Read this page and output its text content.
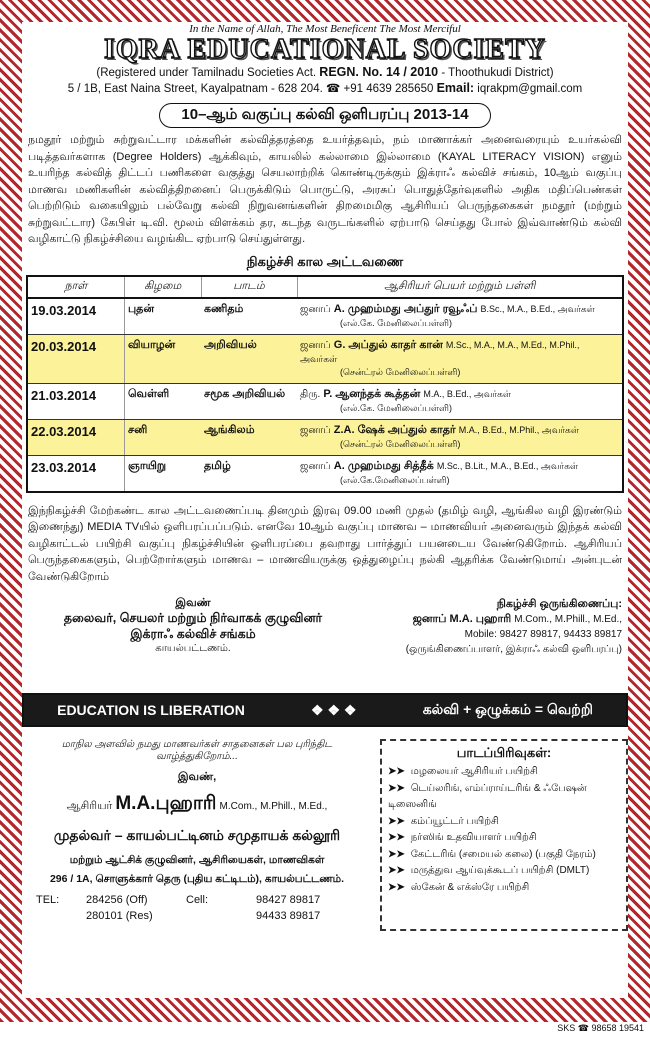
In the Name of Allah, The Most Beneficent The Most Merciful
IQRA EDUCATIONAL SOCIETY
(Registered under Tamilnadu Societies Act. REGN. No. 14 / 2010 - Thoothukudi District)
5 / 1B, East Naina Street, Kayalpatnam - 628 204. ☎ +91 4639 285650 Email: iqrakpm@gmail.com
10–ஆம் வகுப்பு கல்வி ஒளிபரப்பு 2013-14
நமதூர் மற்றும் சுற்றுவட்டார மக்களின் கல்வித்தரத்தை உயர்த்தவும், நம் மாணாக்கர் அனைவரையும் உயர்கல்வி படித்தவர்களாக (Degree Holders) ஆக்கிவும், காயலில் கல்லாமை இல்லாமை (KAYAL LITERACY VISION) எனும் உயரிந்த கல்வித் திட்டப் பணிகளை வகுத்து செயலாற்றிக் கொண்டிருக்கும் இக்ராஃ கல்விச் சங்கம், 10ஆம் வகுப்பு மாணவ மணிகளின் கல்வித்திறனைப் பெருக்கிடும் பொருட்டு, அரசுப் பொதுத்தேர்வுகளில் அதிக மதிப்பெண்கள் பெற்றிடும் வகையிலும் பல்வேறு கல்வி நிறுவனங்களின் திறமைமிகு ஆசிரியப் பெருந்தகைகள் நமதூர் (மற்றும் சுற்றுவட்டார) கேபிள் டி.வி. மூலம் விளக்கம் தர, கடந்த வருடங்களில் ஏற்பாடு செய்தது போல் இவ்வாண்டும் கல்வி வழிகாட்டு நிகழ்ச்சியை வழங்கிட ஏற்பாடு செய்துள்ளது.
நிகழ்ச்சி கால அட்டவணை
நாள்	கிழமை	பாடம்	ஆசிரியர் பெயர் மற்றும் பள்ளி
19.03.2014	புதன்	கணிதம்	ஜனாப் A. முஹம்மது அப்துர் ரவூஃப் B.Sc., M.A., B.Ed., அவர்கள்
(எல்.கே. மேனிலைப்பள்ளி)
20.03.2014	வியாழன்	அறிவியல்	ஜனாப் G. அப்துல் காதர் கான் M.Sc., M.A., M.A., M.Ed., M.Phil., அவர்கள்
(சென்ட்ரல் மேனிலைப்பள்ளி)
21.03.2014	வெள்ளி	சமூக அறிவியல்	திரு. P. ஆனந்தக் கூத்தன் M.A., B.Ed., அவர்கள்
(எல்.கே. மேனிலைப்பள்ளி)
22.03.2014	சனி	ஆங்கிலம்	ஜனாப் Z.A. ஷேக் அப்துல் காதர் M.A., B.Ed., M.Phil., அவர்கள்
(சென்ட்ரல் மேனிலைப்பள்ளி)
23.03.2014	ஞாயிறு	தமிழ்	ஜனாப் A. முஹம்மது சித்தீக் M.Sc., B.Lit., M.A., B.Ed., அவர்கள்
(எல்.கே.மேனிலைப்பள்ளி)
இந்நிகழ்ச்சி மேற்கண்ட கால அட்டவணைப்படி தினமும் இரவு 09.00 மணி முதல் (தமிழ் வழி, ஆங்கில வழி இரண்டும் இணைந்து) MEDIA TVயில் ஒளிபரப்பப்படும். எனவே 10ஆம் வகுப்பு மாணவ – மாணவியர் அனைவரும் இந்தக் கல்வி வழிகாட்டல் பயிற்சி வகுப்பு நிகழ்ச்சியின் ஒளிபரப்பை தவறாது பார்த்துப் பயனடைய வேண்டுகிறோம். ஆசிரியப் பெருந்தகைகளும், பெற்றோர்களும் மாணவ – மாணவியருக்கு ஒத்துழைப்பு நல்கி ஆதரிக்க வேண்டுமாய் அன்புடன் வேண்டுகிறோம்
இவண்
தலைவர், செயலர் மற்றும் நிர்வாகக் குழுவினர்
இக்ராஃ கல்விச் சங்கம்
காயல்பட்டணம்.
நிகழ்ச்சி ஒருங்கிணைப்பு:
ஜனாப் M.A. புஹாரி M.Com., M.Phill., M.Ed.,
Mobile: 98427 89817, 94433 89817
(ஒருங்கிணைப்பாளர், இக்ராஃ கல்வி ஒளிபரப்பு)
EDUCATION IS LIBERATION	❖ ❖ ❖	கல்வி + ஒழுக்கம் = வெற்றி
மாநில அளவில் நமது மாணவர்கள் சாதனைகள் பல புரிந்திட வாழ்த்துகிறோம்...
இவண்,
ஆசிரியர் M.A.புஹாரி M.Com., M.Phill., M.Ed.,
முதல்வர் – காயல்பட்டினம் சமுதாயக் கல்லூரி
மற்றும் ஆட்சிக் குழுவினர், ஆசிரியைகள், மாணவிகள்
296 / 1A, சொளுக்கார் தெரு (புதிய கட்டிடம்), காயல்பட்டணம்.
TEL:	284256 (Off)	Cell:	98427 89817
280101 (Res)	94433 89817
பாடப்பிரிவுகள்:
➤➤ மழலையர் ஆசிரியர் பயிற்சி
➤➤ டெய்லரிங், எம்ப்ராய்டரிங் & ஃபேஷன் டிஸைனிங்
➤➤ கம்ப்யூட்டர் பயிற்சி
➤➤ நர்ஸிங் உதவியாளர் பயிற்சி
➤➤ கேட்டரிங் (சமையல் கலை) (பகுதி நேரம்)
➤➤ மருத்துவ ஆய்வுக்கூடப் பயிற்சி (DMLT)
➤➤ ஸ்கேன் & எக்ஸ்ரே பயிற்சி
SKS ☎ 98658 19541
